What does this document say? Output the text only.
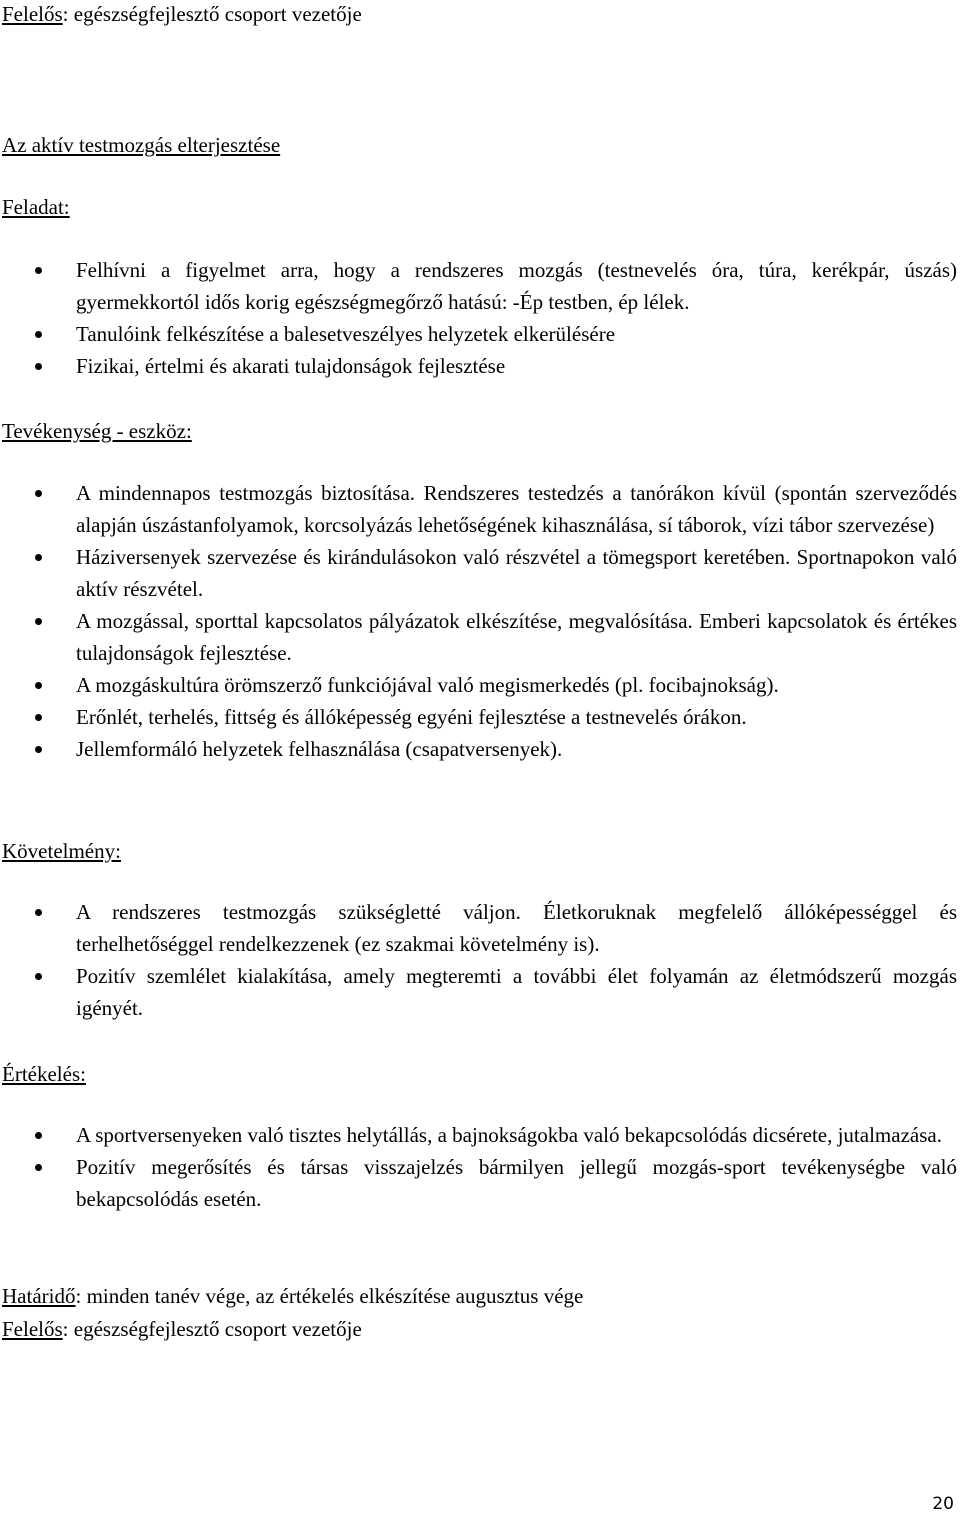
Felelős: egészségfejlesztő csoport vezetője
Az aktív testmozgás elterjesztése
Feladat:
Felhívni a figyelmet arra, hogy a rendszeres mozgás (testnevelés óra, túra, kerékpár, úszás) gyermekkortól idős korig egészségmegőrző hatású: -Ép testben, ép lélek.
Tanulóink felkészítése a balesetveszélyes helyzetek elkerülésére
Fizikai, értelmi és akarati tulajdonságok fejlesztése
Tevékenység - eszköz:
A mindennapos testmozgás biztosítása. Rendszeres testedzés a tanórákon kívül (spontán szerveződés alapján úszástanfolyamok, korcsolyázás lehetőségének kihasználása, sí táborok, vízi tábor szervezése)
Háziversenyek szervezése és kirándulásokon való részvétel a tömegsport keretében. Sportnapokon való aktív részvétel.
A mozgással, sporttal kapcsolatos pályázatok elkészítése, megvalósítása. Emberi kapcsolatok és értékes tulajdonságok fejlesztése.
A mozgáskultúra örömszerző funkciójával való megismerkedés (pl. focibajnokság).
Erőnlét, terhelés, fittség és állóképesség egyéni fejlesztése a testnevelés órákon.
Jellemformáló helyzetek felhasználása (csapatversenyek).
Követelmény:
A rendszeres testmozgás szükségletté váljon. Életkoruknak megfelelő állóképességgel és terhelhetőséggel rendelkezzenek (ez szakmai követelmény is).
Pozitív szemlélet kialakítása, amely megteremti a további élet folyamán az életmódszerű mozgás igényét.
Értékelés:
A sportversenyeken való tisztes helytállás, a bajnokságokba való bekapcsolódás dicsérete, jutalmazása.
Pozitív megerősítés és társas visszajelzés bármilyen jellegű mozgás-sport tevékenységbe való bekapcsolódás esetén.
Határidő: minden tanév vége, az értékelés elkészítése augusztus vége
Felelős: egészségfejlesztő csoport vezetője
20
